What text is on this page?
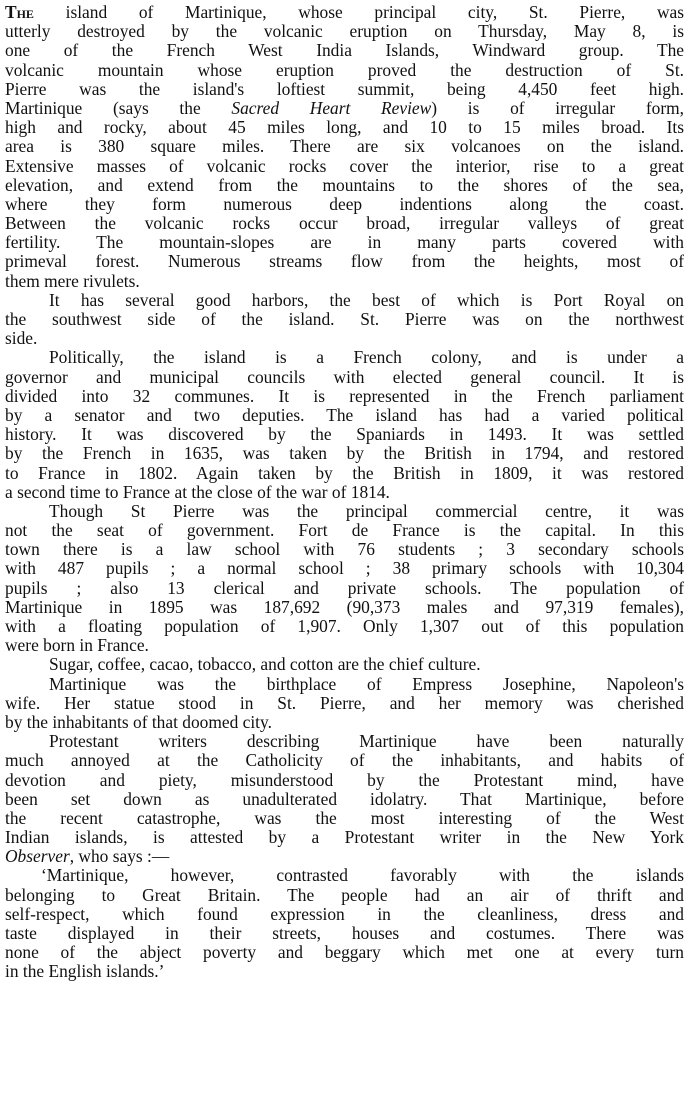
The island of Martinique, whose principal city, St. Pierre, was
utterly destroyed by the volcanic eruption on Thursday, May 8, is
one of the French West India Islands, Windward group. The
volcanic mountain whose eruption proved the destruction of St.
Pierre was the island's loftiest summit, being 4,450 feet high.
Martinique (says the Sacred Heart Review) is of irregular form,
high and rocky, about 45 miles long, and 10 to 15 miles broad. Its
area is 380 square miles. There are six volcanoes on the island.
Extensive masses of volcanic rocks cover the interior, rise to a great
elevation, and extend from the mountains to the shores of the sea,
where they form numerous deep indentions along the coast.
Between the volcanic rocks occur broad, irregular valleys of great
fertility. The mountain-slopes are in many parts covered with
primeval forest. Numerous streams flow from the heights, most of
them mere rivulets.
It has several good harbors, the best of which is Port Royal on
the southwest side of the island. St. Pierre was on the northwest
side.
Politically, the island is a French colony, and is under a
governor and municipal councils with elected general council. It is
divided into 32 communes. It is represented in the French parliament
by a senator and two deputies. The island has had a varied political
history. It was discovered by the Spaniards in 1493. It was settled
by the French in 1635, was taken by the British in 1794, and restored
to France in 1802. Again taken by the British in 1809, it was restored
a second time to France at the close of the war of 1814.
Though St Pierre was the principal commercial centre, it was
not the seat of government. Fort de France is the capital. In this
town there is a law school with 76 students ; 3 secondary schools
with 487 pupils ; a normal school ; 38 primary schools with 10,304
pupils ; also 13 clerical and private schools. The population of
Martinique in 1895 was 187,692 (90,373 males and 97,319 females),
with a floating population of 1,907. Only 1,307 out of this population
were born in France.
Sugar, coffee, cacao, tobacco, and cotton are the chief culture.
Martinique was the birthplace of Empress Josephine, Napoleon's
wife. Her statue stood in St. Pierre, and her memory was cherished
by the inhabitants of that doomed city.
Protestant writers describing Martinique have been naturally
much annoyed at the Catholicity of the inhabitants, and habits of
devotion and piety, misunderstood by the Protestant mind, have
been set down as unadulterated idolatry. That Martinique, before
the recent catastrophe, was the most interesting of the West
Indian islands, is attested by a Protestant writer in the New York
Observer, who says :—
‘Martinique, however, contrasted favorably with the islands
belonging to Great Britain. The people had an air of thrift and
self-respect, which found expression in the cleanliness, dress and
taste displayed in their streets, houses and costumes. There was
none of the abject poverty and beggary which met one at every turn
in the English islands.’
